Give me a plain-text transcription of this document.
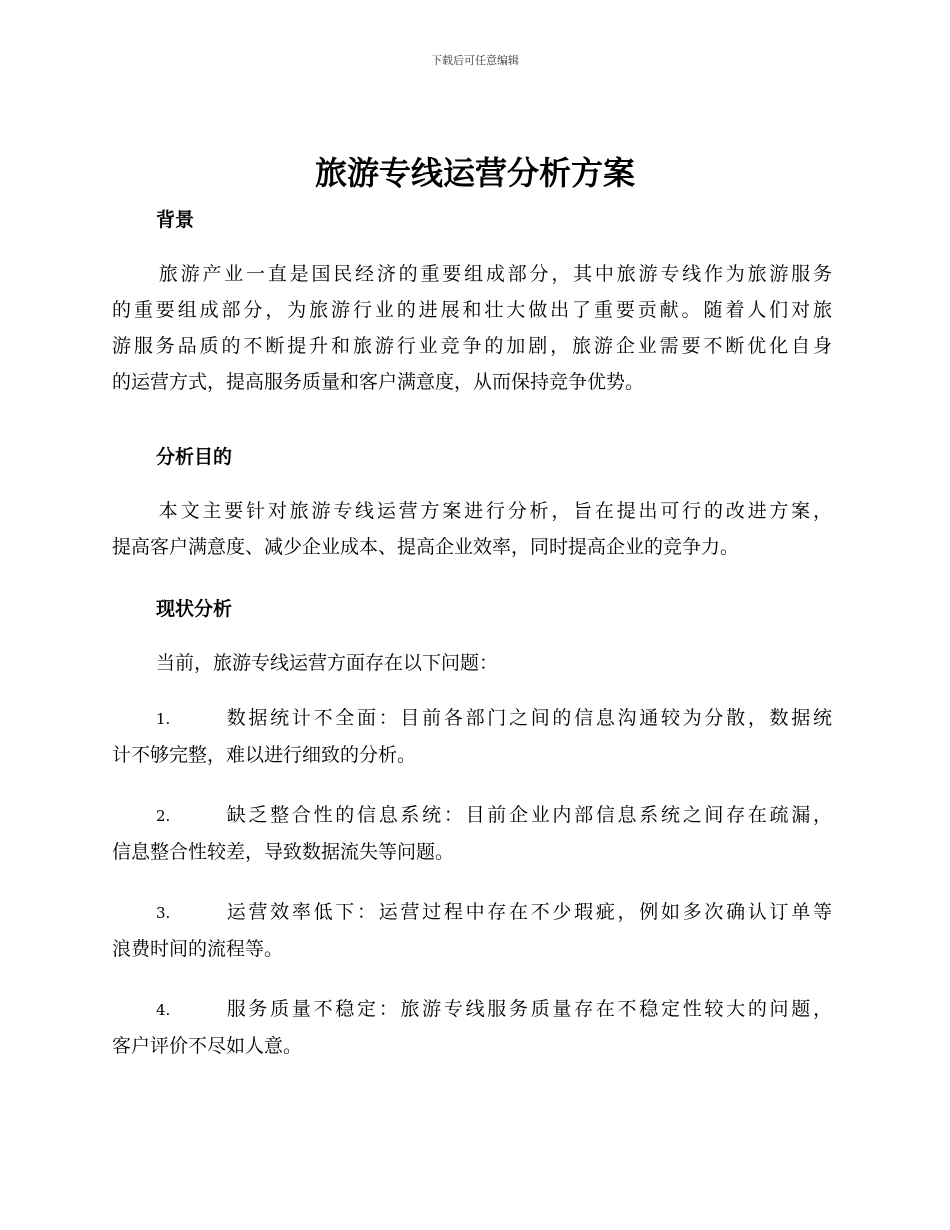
下载后可任意编辑
旅游专线运营分析方案
背景
旅游产业一直是国民经济的重要组成部分，其中旅游专线作为旅游服务
的重要组成部分，为旅游行业的进展和壮大做出了重要贡献。随着人们对旅
游服务品质的不断提升和旅游行业竞争的加剧，旅游企业需要不断优化自身
的运营方式，提高服务质量和客户满意度，从而保持竞争优势。
分析目的
本文主要针对旅游专线运营方案进行分析，旨在提出可行的改进方案，
提高客户满意度、减少企业成本、提高企业效率，同时提高企业的竞争力。
现状分析
当前，旅游专线运营方面存在以下问题：
1.	数据统计不全面：目前各部门之间的信息沟通较为分散，数据统
计不够完整，难以进行细致的分析。
2.	缺乏整合性的信息系统：目前企业内部信息系统之间存在疏漏，
信息整合性较差，导致数据流失等问题。
3.	运营效率低下：运营过程中存在不少瑕疵，例如多次确认订单等
浪费时间的流程等。
4.	服务质量不稳定：旅游专线服务质量存在不稳定性较大的问题，
客户评价不尽如人意。
